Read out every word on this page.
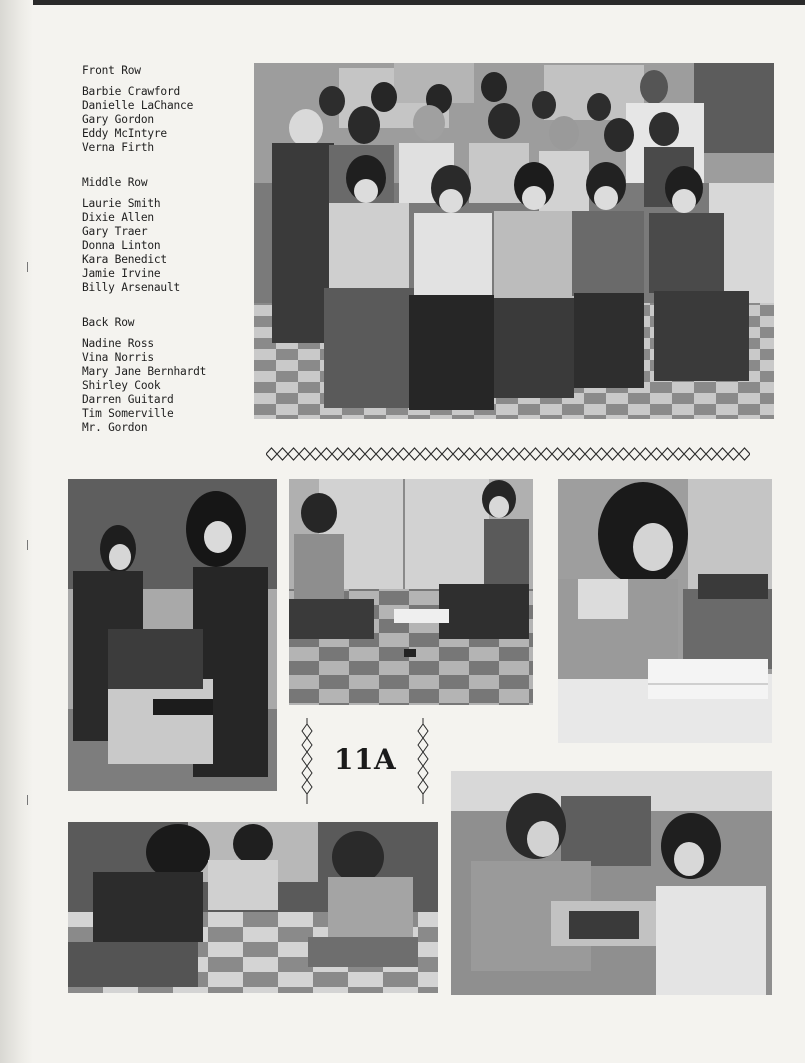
Front Row
Barbie Crawford
Danielle LaChance
Gary Gordon
Eddy McIntyre
Verna Firth
Middle Row
Laurie Smith
Dixie Allen
Gary Traer
Donna Linton
Kara Benedict
Jamie Irvine
Billy Arsenault
Back Row
Nadine Ross
Vina Norris
Mary Jane Bernhardt
Shirley Cook
Darren Guitard
Tim Somerville
Mr. Gordon
11A
